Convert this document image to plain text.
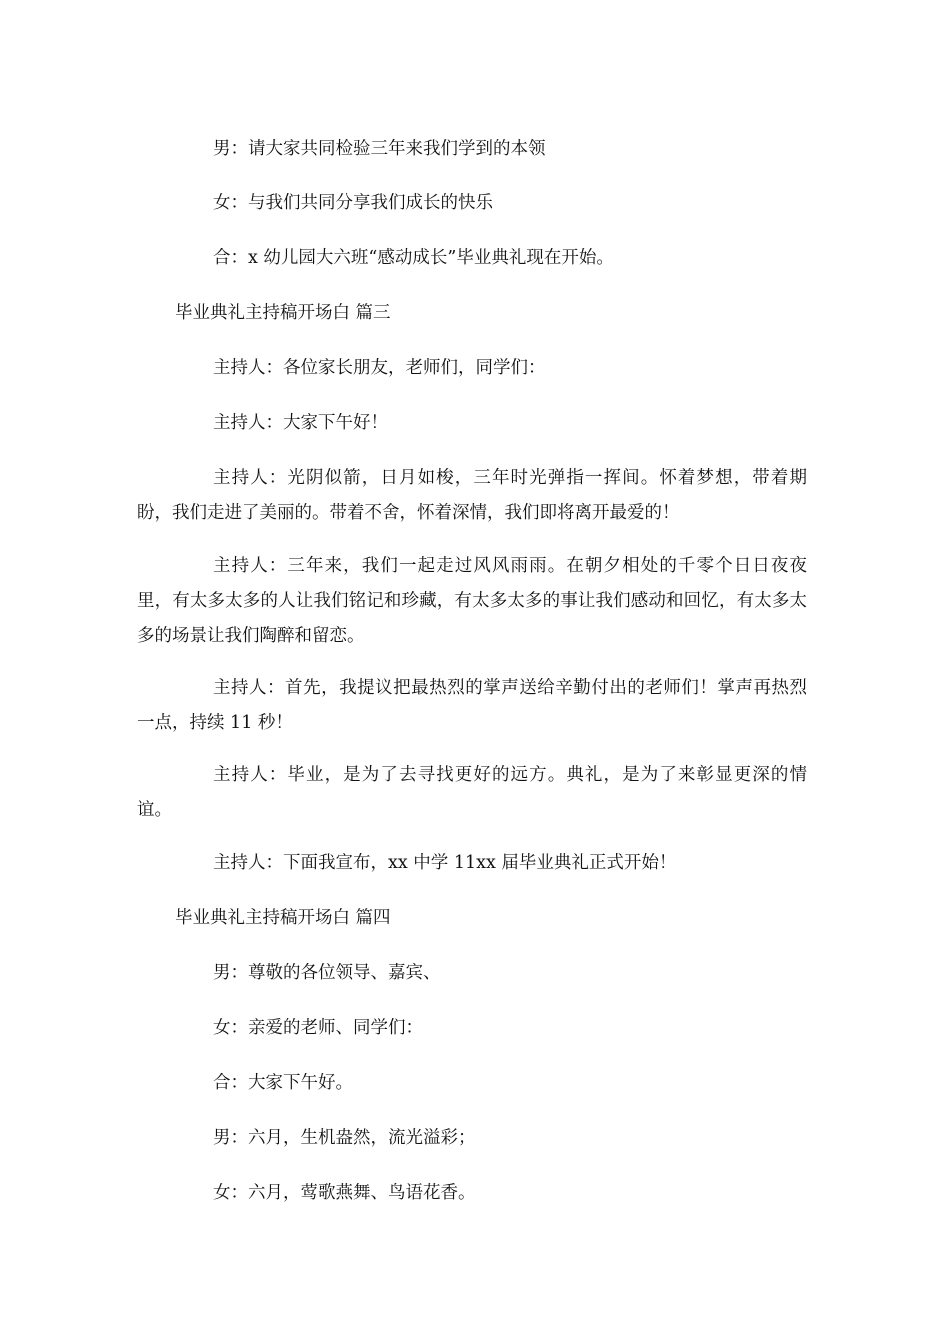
男：请大家共同检验三年来我们学到的本领

女：与我们共同分享我们成长的快乐

合：x 幼儿园大六班“感动成长”毕业典礼现在开始。

毕业典礼主持稿开场白 篇三

主持人：各位家长朋友，老师们，同学们：

主持人：大家下午好！

主持人：光阴似箭，日月如梭，三年时光弹指一挥间。怀着梦想，带着期盼，我们走进了美丽的。带着不舍，怀着深情，我们即将离开最爱的！

主持人：三年来，我们一起走过风风雨雨。在朝夕相处的千零个日日夜夜里，有太多太多的人让我们铭记和珍藏，有太多太多的事让我们感动和回忆，有太多太多的场景让我们陶醉和留恋。

主持人：首先，我提议把最热烈的掌声送给辛勤付出的老师们！掌声再热烈一点，持续 11 秒！

主持人：毕业，是为了去寻找更好的远方。典礼，是为了来彰显更深的情谊。

主持人：下面我宣布，xx 中学 11xx 届毕业典礼正式开始！

毕业典礼主持稿开场白 篇四

男：尊敬的各位领导、嘉宾、

女：亲爱的老师、同学们：

合：大家下午好。

男：六月，生机盎然，流光溢彩；

女：六月，莺歌燕舞、鸟语花香。
